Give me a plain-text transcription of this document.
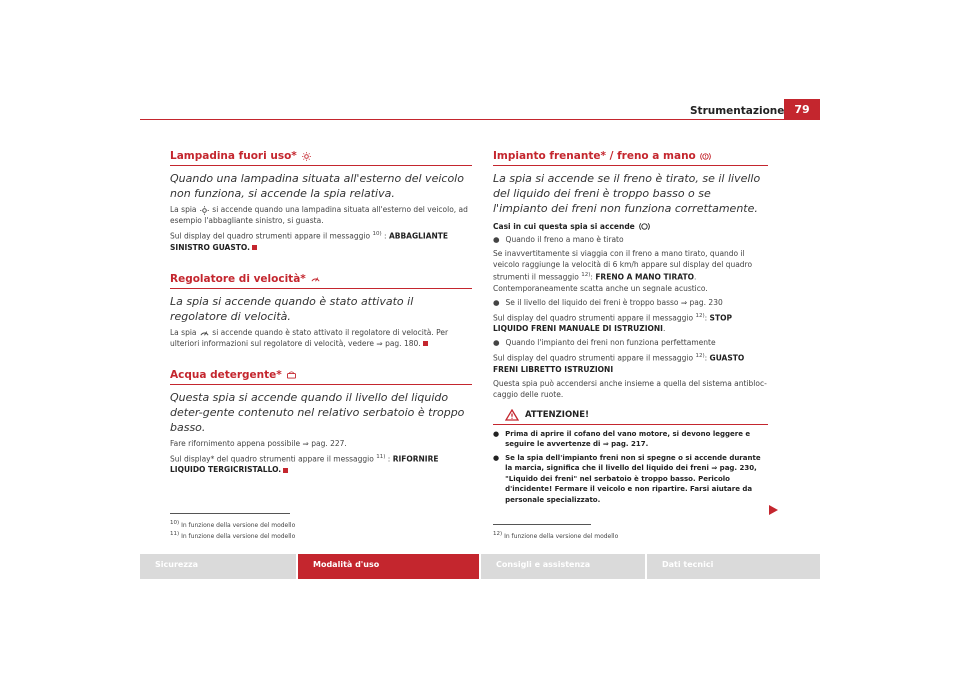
Strumentazione 79
Lampadina fuori uso*
Quando una lampadina situata all'esterno del veicolo non funziona, si accende la spia relativa.
La spia si accende quando una lampadina situata all'esterno del veicolo, ad esempio l'abbagliante sinistro, si guasta.
Sul display del quadro strumenti appare il messaggio $^{10)}$ : ABBAGLIANTE SINISTRO GUASTO.
Regolatore di velocità*
La spia si accende quando è stato attivato il regolatore di velocità.
La spia si accende quando è stato attivato il regolatore di velocità. Per ulteriori informazioni sul regolatore di velocità, vedere ⇒ pag. 180.
Acqua detergente*
Questa spia si accende quando il livello del liquido deter-gente contenuto nel relativo serbatoio è troppo basso.
Fare rifornimento appena possibile ⇒ pag. 227.
Sul display* del quadro strumenti appare il messaggio $^{11)}$ : RIFORNIRE LIQUIDO TERGICRISTALLO.
$^{10)}$ In funzione della versione del modello
$^{11)}$ In funzione della versione del modello
Impianto frenante* / freno a mano
La spia si accende se il freno è tirato, se il livello del liquido dei freni è troppo basso o se l'impianto dei freni non funziona correttamente.
Casi in cui questa spia si accende
● Quando il freno a mano è tirato
Se inavvertitamente si viaggia con il freno a mano tirato, quando il veicolo raggiunge la velocità di 6 km/h appare sul display del quadro strumenti il messaggio $^{12)}$: FRENO A MANO TIRATO. Contemporaneamente scatta anche un segnale acustico.
● Se il livello del liquido dei freni è troppo basso ⇒ pag. 230
Sul display del quadro strumenti appare il messaggio $^{12)}$: STOP LIQUIDO FRENI MANUALE DI ISTRUZIONI.
● Quando l'impianto dei freni non funziona perfettamente
Sul display del quadro strumenti appare il messaggio $^{12)}$: GUASTO FRENI LIBRETTO ISTRUZIONI
Questa spia può accendersi anche insieme a quella del sistema antibloc-caggio delle ruote.
ATTENZIONE!
● Prima di aprire il cofano del vano motore, si devono leggere e seguire le avvertenze di ⇒ pag. 217.
● Se la spia dell'impianto freni non si spegne o si accende durante la marcia, significa che il livello del liquido dei freni ⇒ pag. 230, "Liquido dei freni" nel serbatoio è troppo basso. Pericolo d'incidente! Fermare il veicolo e non ripartire. Farsi aiutare da personale specializzato.
$^{12)}$ In funzione della versione del modello
Sicurezza	Modalità d'uso	Consigli e assistenza	Dati tecnici
